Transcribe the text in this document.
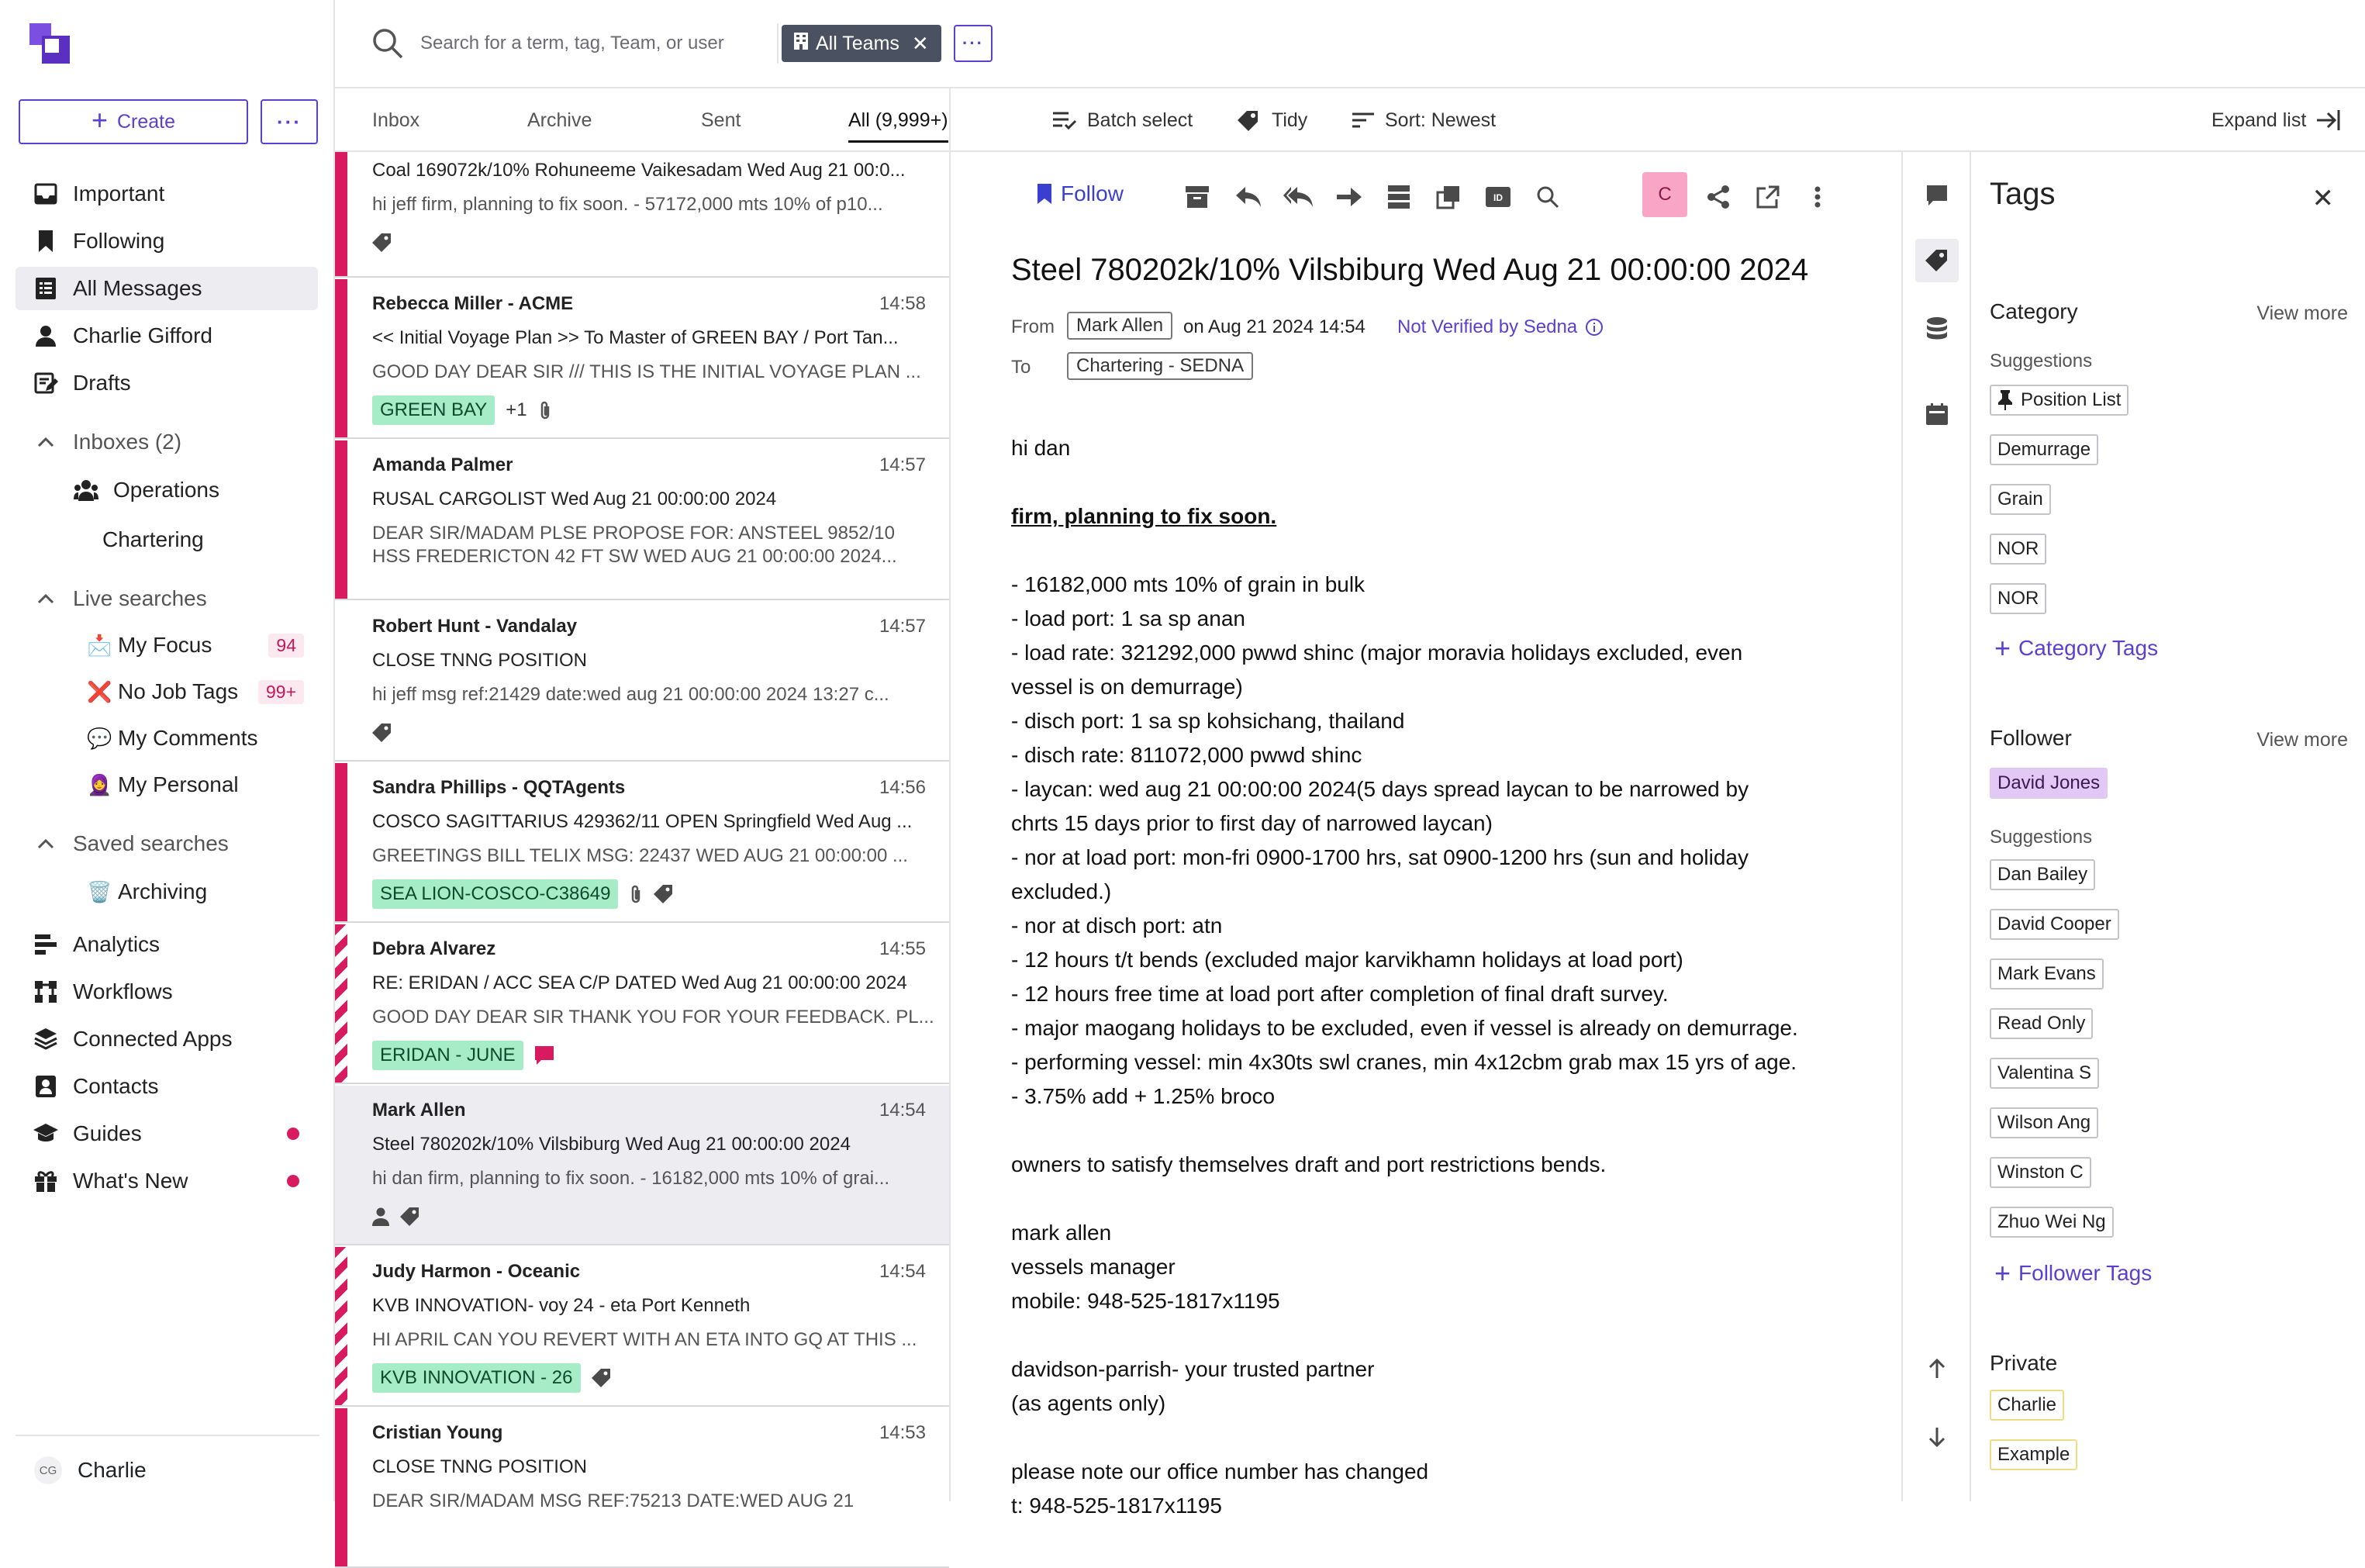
+ Create	···
Important
Following
All Messages
Charlie Gifford
Drafts
Inboxes (2)
Operations
Chartering
Live searches
📩 My Focus	94
❌ No Job Tags	99+
💬 My Comments
🧕 My Personal
Saved searches
🗑️ Archiving
Analytics
Workflows
Connected Apps
Contacts
Guides
What's New
CG Charlie
Search for a term, tag, Team, or user
All Teams ✕	···
Inbox	Archive	Sent	All (9,999+)	Batch select	Tidy	Sort: Newest	Expand list
Coal 169072k/10% Rohuneeme Vaikesadam Wed Aug 21 00:0...
hi jeff firm, planning to fix soon. - 57172,000 mts 10% of p10...
Rebecca Miller - ACME	14:58
<< Initial Voyage Plan >> To Master of GREEN BAY / Port Tan...
GOOD DAY DEAR SIR /// THIS IS THE INITIAL VOYAGE PLAN ...
GREEN BAY	+1
Amanda Palmer	14:57
RUSAL CARGOLIST Wed Aug 21 00:00:00 2024
DEAR SIR/MADAM PLSE PROPOSE FOR: ANSTEEL 9852/10
HSS FREDERICTON 42 FT SW WED AUG 21 00:00:00 2024...
Robert Hunt - Vandalay	14:57
CLOSE TNNG POSITION
hi jeff msg ref:21429 date:wed aug 21 00:00:00 2024 13:27 c...
Sandra Phillips - QQTAgents	14:56
COSCO SAGITTARIUS 429362/11 OPEN Springfield Wed Aug ...
GREETINGS BILL TELIX MSG: 22437 WED AUG 21 00:00:00 ...
SEA LION-COSCO-C38649
Debra Alvarez	14:55
RE: ERIDAN / ACC SEA C/P DATED Wed Aug 21 00:00:00 2024
GOOD DAY DEAR SIR THANK YOU FOR YOUR FEEDBACK. PL...
ERIDAN - JUNE
Mark Allen	14:54
Steel 780202k/10% Vilsbiburg Wed Aug 21 00:00:00 2024
hi dan firm, planning to fix soon. - 16182,000 mts 10% of grai...
Judy Harmon - Oceanic	14:54
KVB INNOVATION- voy 24 - eta Port Kenneth
HI APRIL CAN YOU REVERT WITH AN ETA INTO GQ AT THIS ...
KVB INNOVATION - 26
Cristian Young	14:53
CLOSE TNNG POSITION
DEAR SIR/MADAM MSG REF:75213 DATE:WED AUG 21
Follow	ID	C
Steel 780202k/10% Vilsbiburg Wed Aug 21 00:00:00 2024
From	Mark Allen	on Aug 21 2024 14:54 Not Verified by Sedna
To	Chartering - SEDNA
hi dan
firm, planning to fix soon.
- 16182,000 mts 10% of grain in bulk
- load port: 1 sa sp anan
- load rate: 321292,000 pwwd shinc (major moravia holidays excluded, even
vessel is on demurrage)
- disch port: 1 sa sp kohsichang, thailand
- disch rate: 811072,000 pwwd shinc
- laycan: wed aug 21 00:00:00 2024(5 days spread laycan to be narrowed by
chrts 15 days prior to first day of narrowed laycan)
- nor at load port: mon-fri 0900-1700 hrs, sat 0900-1200 hrs (sun and holiday
excluded.)
- nor at disch port: atn
- 12 hours t/t bends (excluded major karvikhamn holidays at load port)
- 12 hours free time at load port after completion of final draft survey.
- major maogang holidays to be excluded, even if vessel is already on demurrage.
- performing vessel: min 4x30ts swl cranes, min 4x12cbm grab max 15 yrs of age.
- 3.75% add + 1.25% broco
owners to satisfy themselves draft and port restrictions bends.
mark allen
vessels manager
mobile: 948-525-1817x1195
davidson-parrish- your trusted partner
(as agents only)
please note our office number has changed
t: 948-525-1817x1195
Tags	✕
Category	View more
Suggestions
Position List
Demurrage
Grain
NOR
NOR
+ Category Tags
Follower	View more
David Jones
Suggestions
Dan Bailey
David Cooper
Mark Evans
Read Only
Valentina S
Wilson Ang
Winston C
Zhuo Wei Ng
+ Follower Tags
Private
Charlie
Example
